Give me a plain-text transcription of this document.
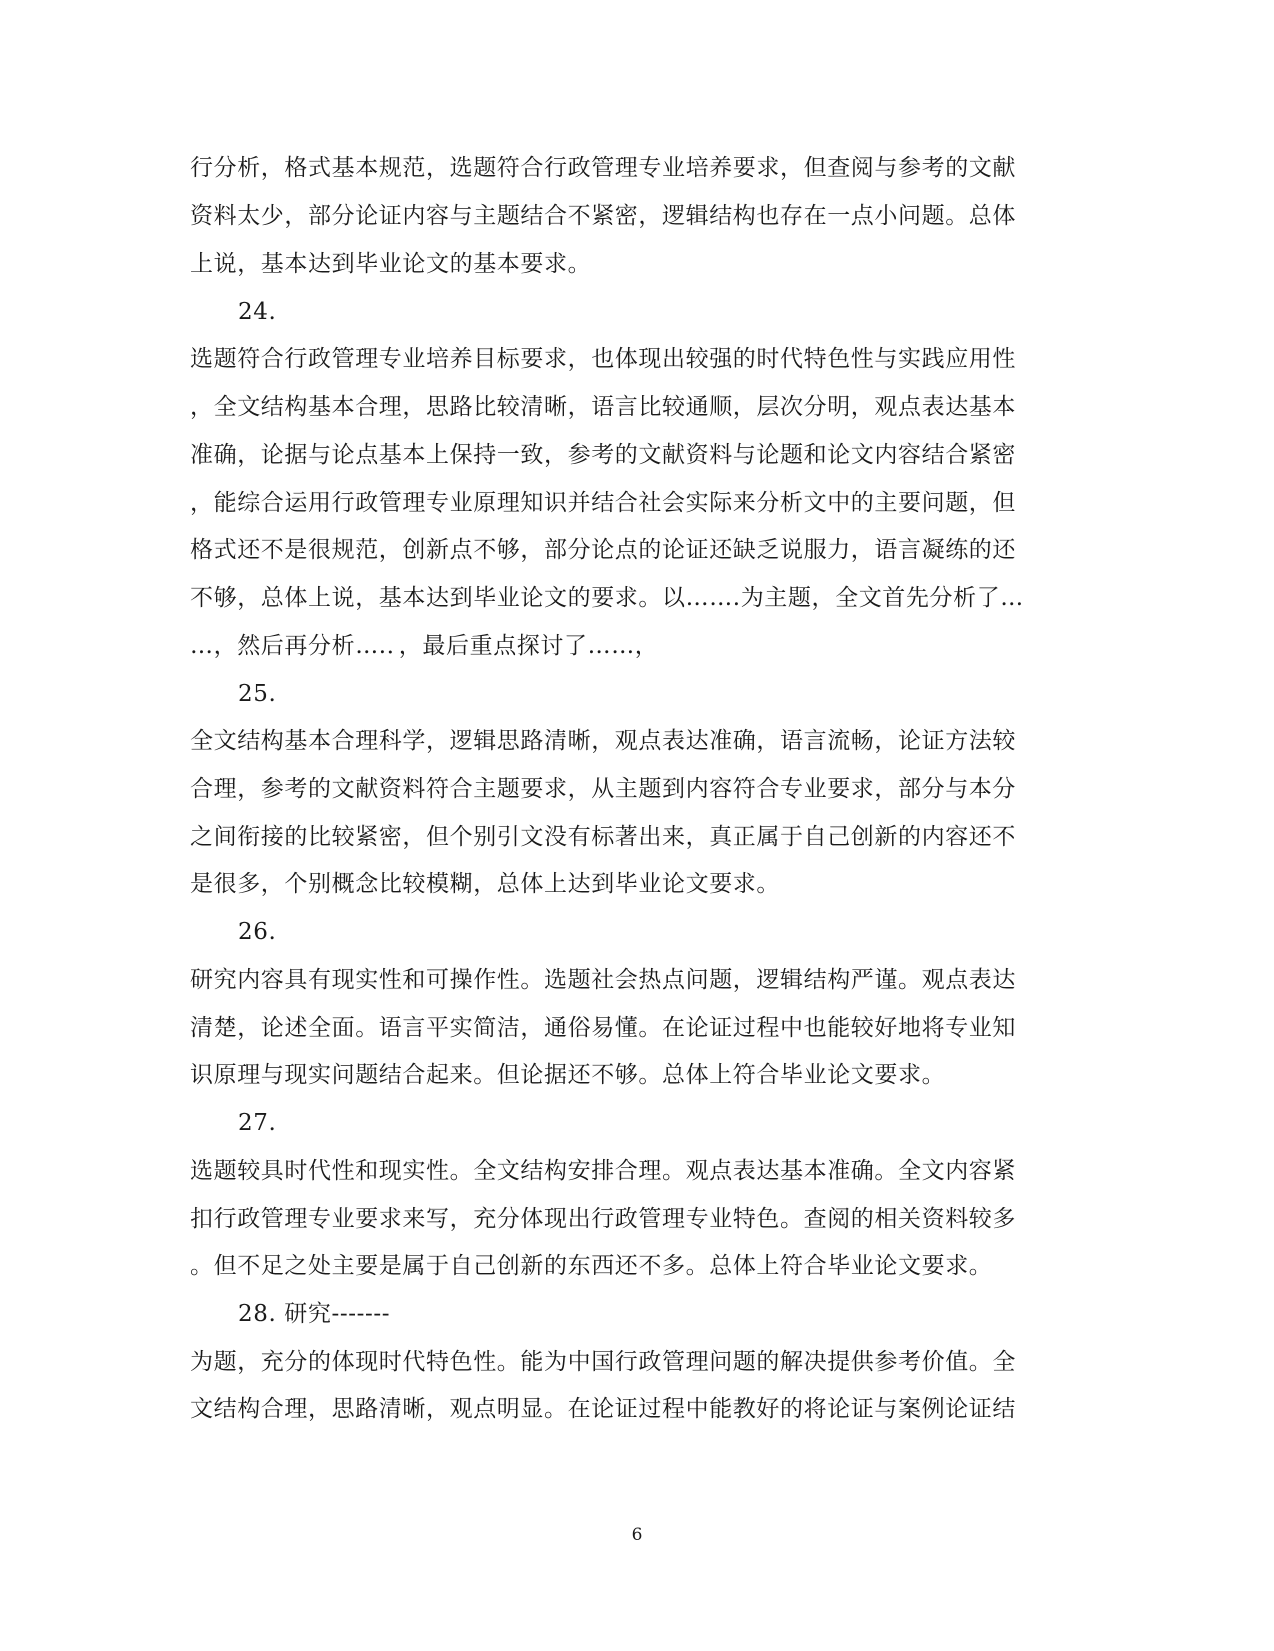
行分析，格式基本规范，选题符合行政管理专业培养要求，但查阅与参考的文献
资料太少，部分论证内容与主题结合不紧密，逻辑结构也存在一点小问题。总体
上说，基本达到毕业论文的基本要求。
24.
选题符合行政管理专业培养目标要求，也体现出较强的时代特色性与实践应用性
，全文结构基本合理，思路比较清晰，语言比较通顺，层次分明，观点表达基本
准确，论据与论点基本上保持一致，参考的文献资料与论题和论文内容结合紧密
，能综合运用行政管理专业原理知识并结合社会实际来分析文中的主要问题，但
格式还不是很规范，创新点不够，部分论点的论证还缺乏说服力，语言凝练的还
不够，总体上说，基本达到毕业论文的要求。以…….为主题，全文首先分析了…
…，然后再分析….．，最后重点探讨了……，
25.
全文结构基本合理科学，逻辑思路清晰，观点表达准确，语言流畅，论证方法较
合理，参考的文献资料符合主题要求，从主题到内容符合专业要求，部分与本分
之间衔接的比较紧密，但个别引文没有标著出来，真正属于自己创新的内容还不
是很多，个别概念比较模糊，总体上达到毕业论文要求。
26.
研究内容具有现实性和可操作性。选题社会热点问题，逻辑结构严谨。观点表达
清楚，论述全面。语言平实简洁，通俗易懂。在论证过程中也能较好地将专业知
识原理与现实问题结合起来。但论据还不够。总体上符合毕业论文要求。
27.
选题较具时代性和现实性。全文结构安排合理。观点表达基本准确。全文内容紧
扣行政管理专业要求来写，充分体现出行政管理专业特色。查阅的相关资料较多
。但不足之处主要是属于自己创新的东西还不多。总体上符合毕业论文要求。
28. 研究-------
为题，充分的体现时代特色性。能为中国行政管理问题的解决提供参考价值。全
文结构合理，思路清晰，观点明显。在论证过程中能教好的将论证与案例论证结
6
